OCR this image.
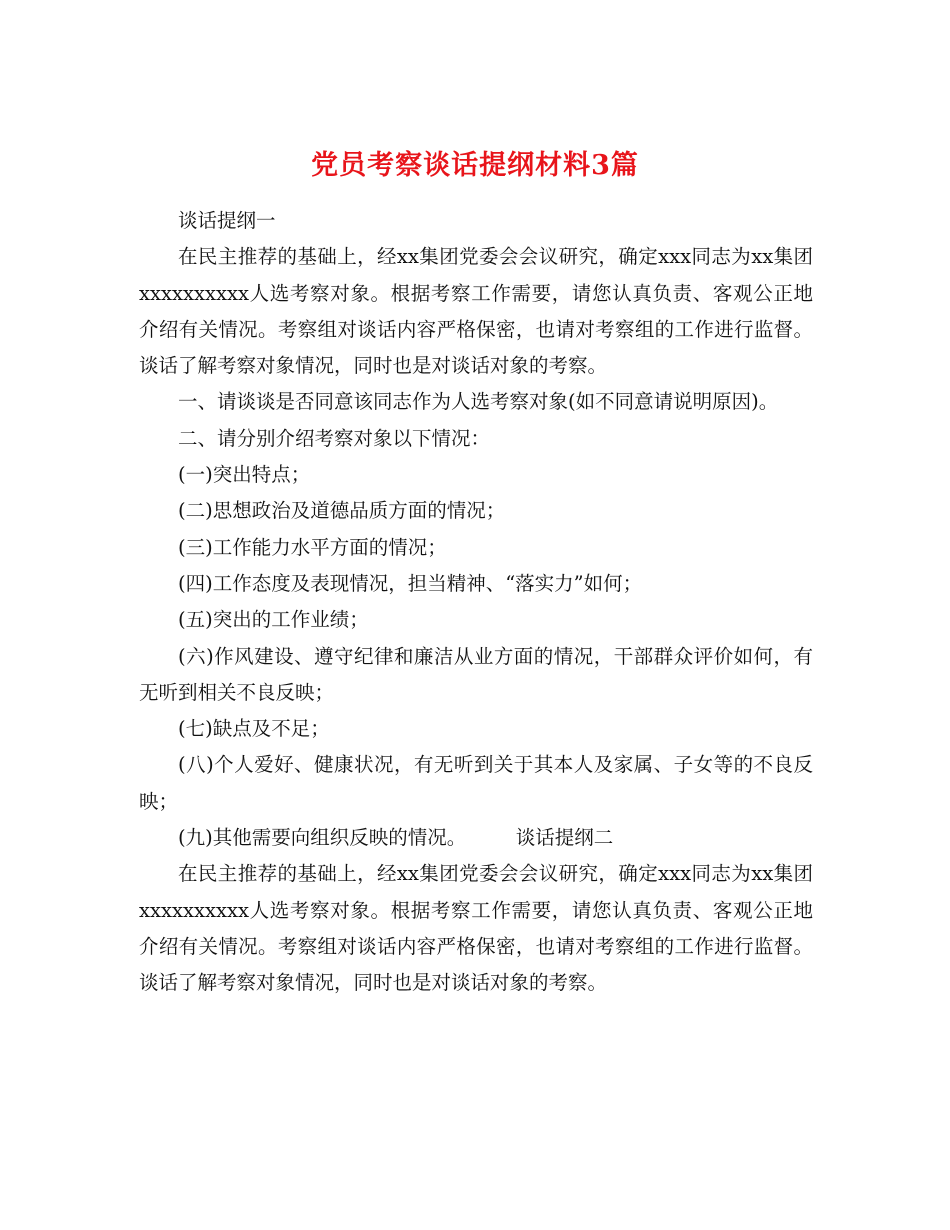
党员考察谈话提纲材料3篇

谈话提纲一

在民主推荐的基础上，经xx集团党委会会议研究，确定xxx同志为xx集团xxxxxxxxxx人选考察对象。根据考察工作需要，请您认真负责、客观公正地介绍有关情况。考察组对谈话内容严格保密，也请对考察组的工作进行监督。谈话了解考察对象情况，同时也是对谈话对象的考察。

一、请谈谈是否同意该同志作为人选考察对象(如不同意请说明原因)。

二、请分别介绍考察对象以下情况：

(一)突出特点；

(二)思想政治及道德品质方面的情况；

(三)工作能力水平方面的情况；

(四)工作态度及表现情况，担当精神、“落实力”如何；

(五)突出的工作业绩；

(六)作风建设、遵守纪律和廉洁从业方面的情况，干部群众评价如何，有无听到相关不良反映；

(七)缺点及不足；

(八)个人爱好、健康状况，有无听到关于其本人及家属、子女等的不良反映；

(九)其他需要向组织反映的情况。        谈话提纲二

在民主推荐的基础上，经xx集团党委会会议研究，确定xxx同志为xx集团xxxxxxxxxx人选考察对象。根据考察工作需要，请您认真负责、客观公正地介绍有关情况。考察组对谈话内容严格保密，也请对考察组的工作进行监督。谈话了解考察对象情况，同时也是对谈话对象的考察。
